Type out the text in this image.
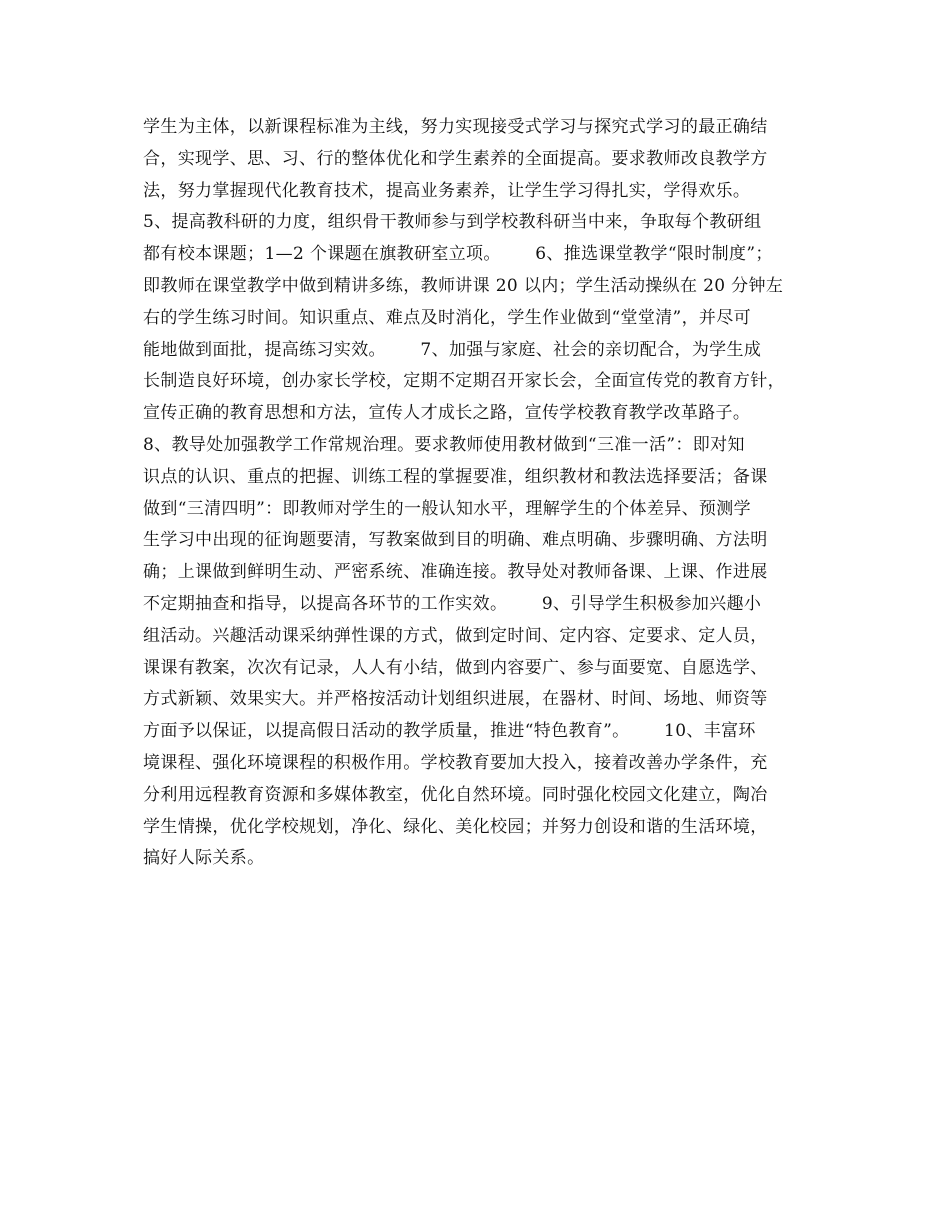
学生为主体，以新课程标准为主线，努力实现接受式学习与探究式学习的最正确结
合，实现学、思、习、行的整体优化和学生素养的全面提高。要求教师改良教学方
法，努力掌握现代化教育技术，提高业务素养，让学生学习得扎实，学得欢乐。
5、提高教科研的力度，组织骨干教师参与到学校教科研当中来，争取每个教研组
都有校本课题；1—2 个课题在旗教研室立项。      6、推选课堂教学“限时制度”；
即教师在课堂教学中做到精讲多练，教师讲课 20 以内；学生活动操纵在 20 分钟左
右的学生练习时间。知识重点、难点及时消化，学生作业做到“堂堂清”，并尽可
能地做到面批，提高练习实效。      7、加强与家庭、社会的亲切配合，为学生成
长制造良好环境，创办家长学校，定期不定期召开家长会，全面宣传党的教育方针，
宣传正确的教育思想和方法，宣传人才成长之路，宣传学校教育教学改革路子。
8、教导处加强教学工作常规治理。要求教师使用教材做到“三准一活”：即对知
识点的认识、重点的把握、训练工程的掌握要准，组织教材和教法选择要活；备课
做到“三清四明”：即教师对学生的一般认知水平，理解学生的个体差异、预测学
生学习中出现的征询题要清，写教案做到目的明确、难点明确、步骤明确、方法明
确；上课做到鲜明生动、严密系统、准确连接。教导处对教师备课、上课、作进展
不定期抽查和指导，以提高各环节的工作实效。      9、引导学生积极参加兴趣小
组活动。兴趣活动课采纳弹性课的方式，做到定时间、定内容、定要求、定人员，
课课有教案，次次有记录，人人有小结，做到内容要广、参与面要宽、自愿选学、
方式新颖、效果实大。并严格按活动计划组织进展，在器材、时间、场地、师资等
方面予以保证，以提高假日活动的教学质量，推进“特色教育”。      10、丰富环
境课程、强化环境课程的积极作用。学校教育要加大投入，接着改善办学条件，充
分利用远程教育资源和多媒体教室，优化自然环境。同时强化校园文化建立，陶冶
学生情操，优化学校规划，净化、绿化、美化校园；并努力创设和谐的生活环境，
搞好人际关系。
